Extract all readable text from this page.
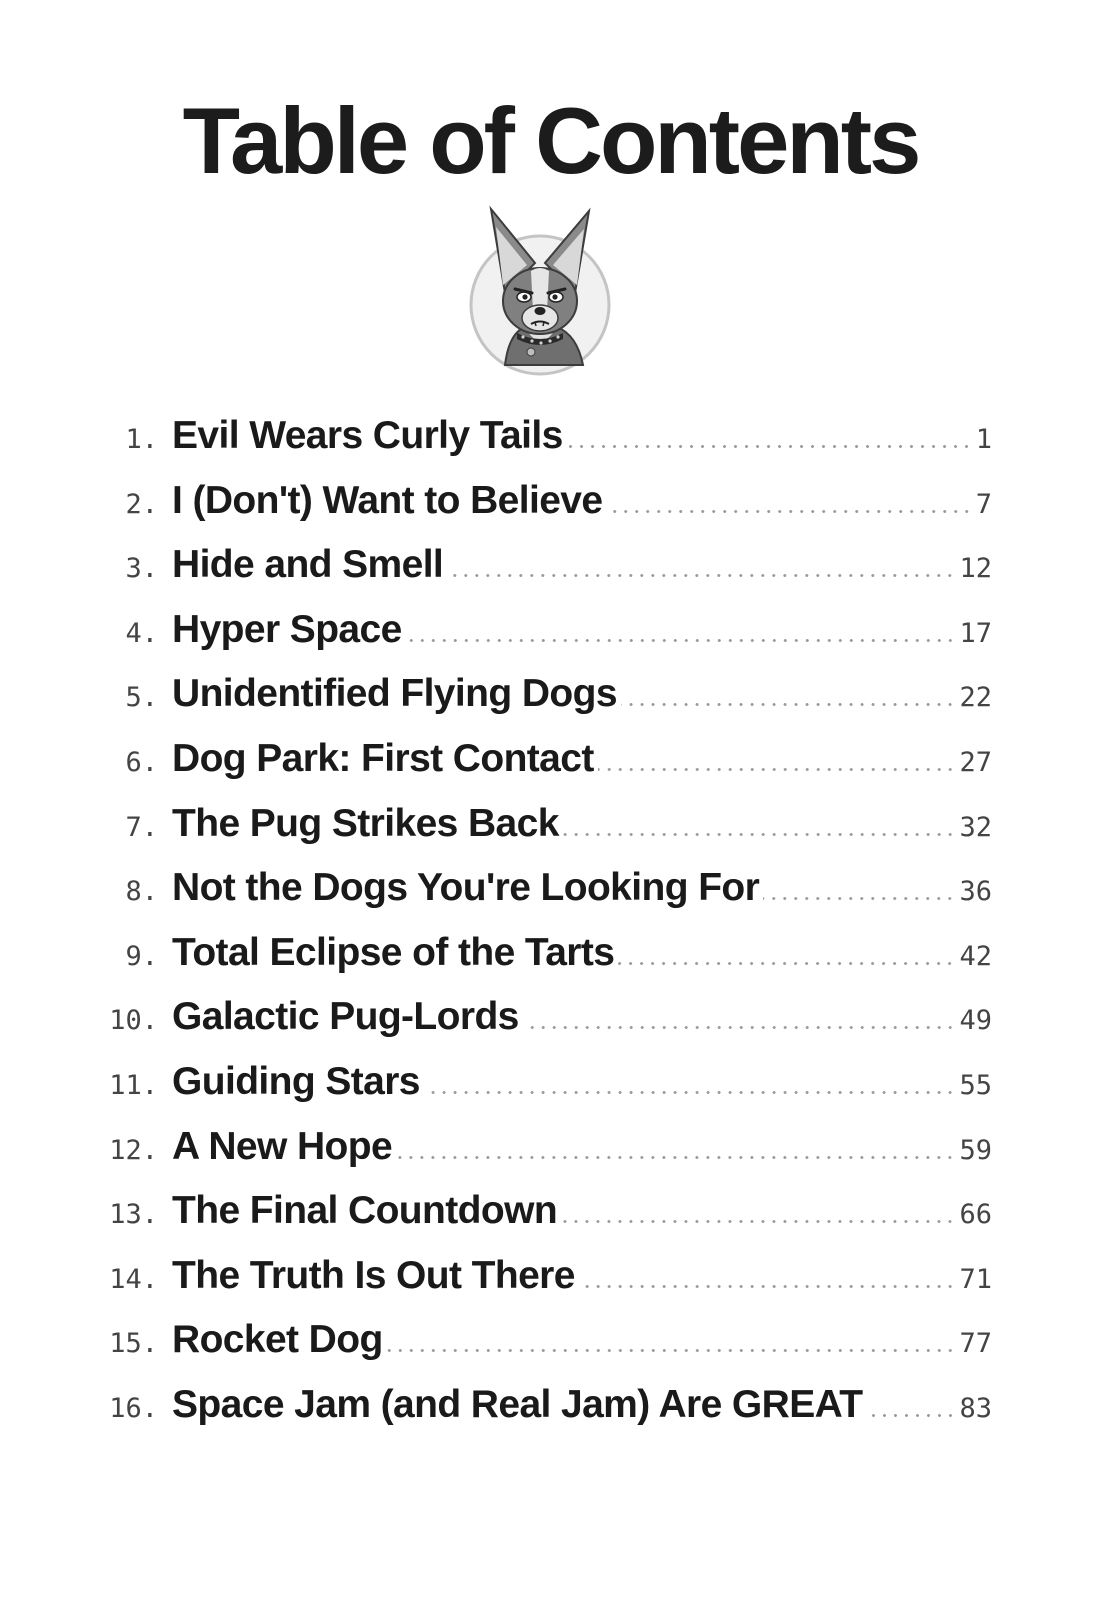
Table of Contents
1. Evil Wears Curly Tails	1
2. I (Don't) Want to Believe	7
3. Hide and Smell	12
4. Hyper Space	17
5. Unidentified Flying Dogs	22
6. Dog Park: First Contact	27
7. The Pug Strikes Back	32
8. Not the Dogs You're Looking For	36
9. Total Eclipse of the Tarts	42
10. Galactic Pug-Lords	49
11. Guiding Stars	55
12. A New Hope	59
13. The Final Countdown	66
14. The Truth Is Out There	71
15. Rocket Dog	77
16. Space Jam (and Real Jam) Are GREAT	83
